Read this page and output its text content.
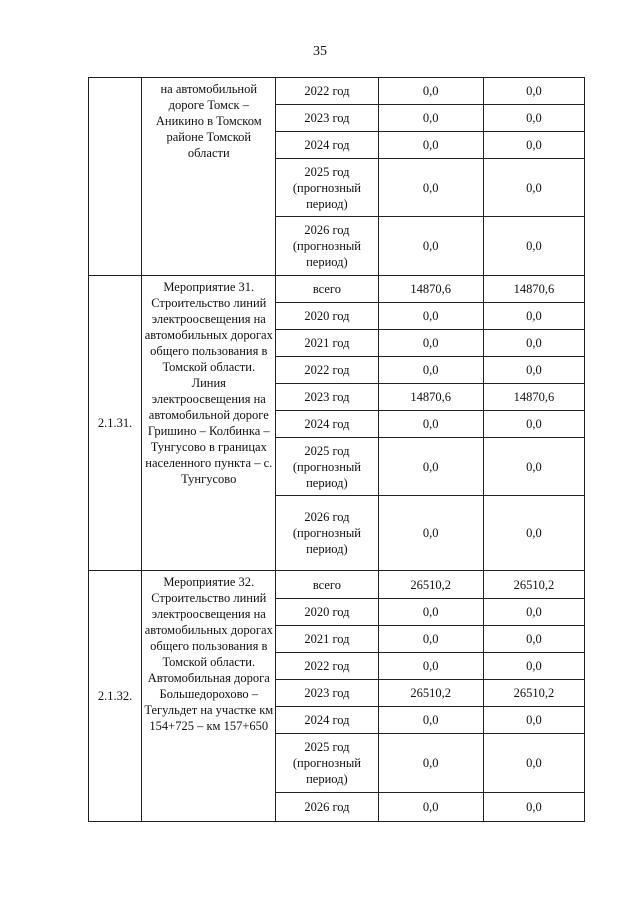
35
	на автомобильной дороге Томск – Аникино в Томском районе Томской области	2022 год	0,0	0,0
		2023 год	0,0	0,0
		2024 год	0,0	0,0
		2025 год (прогнозный период)	0,0	0,0
		2026 год (прогнозный период)	0,0	0,0
2.1.31.	Мероприятие 31. Строительство линий электроосвещения на автомобильных дорогах общего пользования в Томской области. Линия электроосвещения на автомобильной дороге Гришино – Колбинка – Тунгусово в границах населенного пункта – с. Тунгусово	всего	14870,6	14870,6
		2020 год	0,0	0,0
		2021 год	0,0	0,0
		2022 год	0,0	0,0
		2023 год	14870,6	14870,6
		2024 год	0,0	0,0
		2025 год (прогнозный период)	0,0	0,0
		2026 год (прогнозный период)	0,0	0,0
2.1.32.	Мероприятие 32. Строительство линий электроосвещения на автомобильных дорогах общего пользования в Томской области. Автомобильная дорога Большедорохово – Тегульдет на участке км 154+725 – км 157+650	всего	26510,2	26510,2
		2020 год	0,0	0,0
		2021 год	0,0	0,0
		2022 год	0,0	0,0
		2023 год	26510,2	26510,2
		2024 год	0,0	0,0
		2025 год (прогнозный период)	0,0	0,0
		2026 год	0,0	0,0
